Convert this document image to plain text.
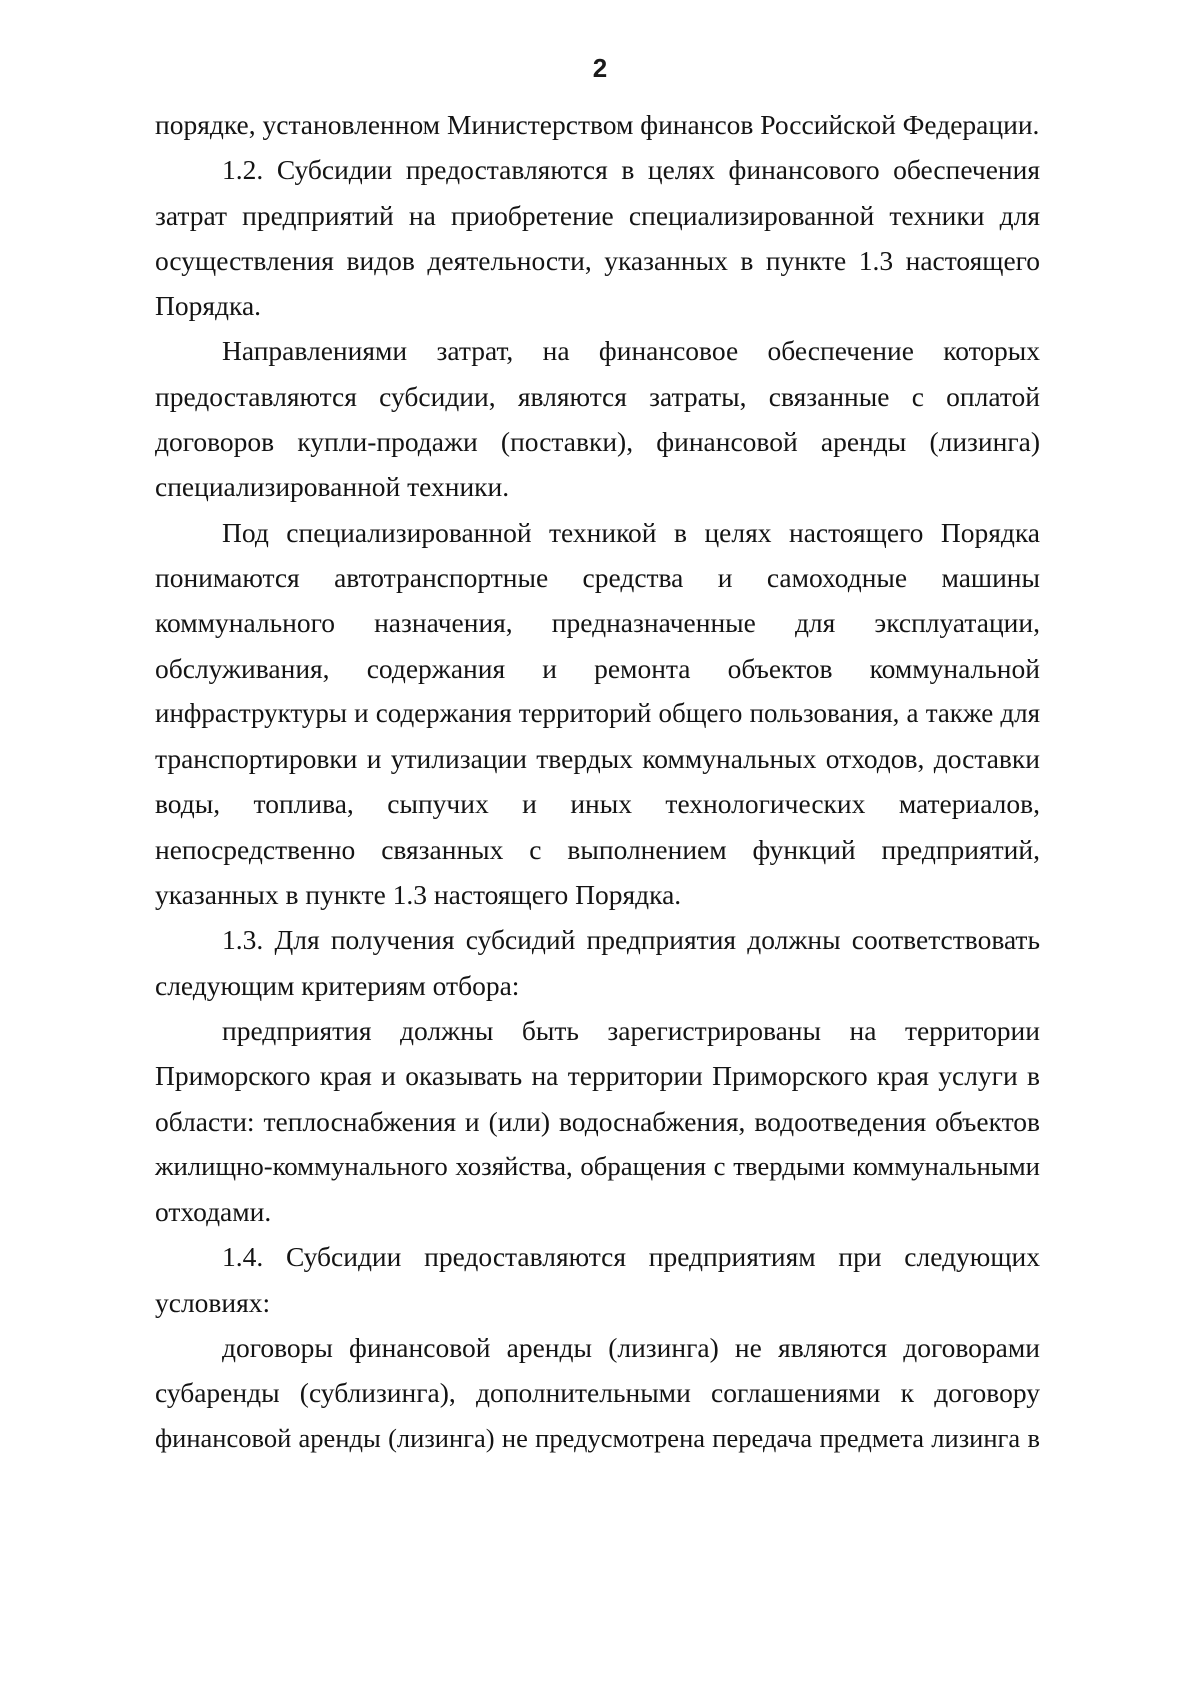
2
порядке, установленном Министерством финансов Российской Федерации.
1.2. Субсидии предоставляются в целях финансового обеспечения
затрат предприятий на приобретение специализированной техники для
осуществления видов деятельности, указанных в пункте 1.3 настоящего
Порядка.
Направлениями затрат, на финансовое обеспечение которых
предоставляются субсидии, являются затраты, связанные с оплатой
договоров купли-продажи (поставки), финансовой аренды (лизинга)
специализированной техники.
Под специализированной техникой в целях настоящего Порядка
понимаются автотранспортные средства и самоходные машины
коммунального назначения, предназначенные для эксплуатации,
обслуживания, содержания и ремонта объектов коммунальной
инфраструктуры и содержания территорий общего пользования, а также для
транспортировки и утилизации твердых коммунальных отходов, доставки
воды, топлива, сыпучих и иных технологических материалов,
непосредственно связанных с выполнением функций предприятий,
указанных в пункте 1.3 настоящего Порядка.
1.3. Для получения субсидий предприятия должны соответствовать
следующим критериям отбора:
предприятия должны быть зарегистрированы на территории
Приморского края и оказывать на территории Приморского края услуги в
области: теплоснабжения и (или) водоснабжения, водоотведения объектов
жилищно-коммунального хозяйства, обращения с твердыми коммунальными
отходами.
1.4. Субсидии предоставляются предприятиям при следующих
условиях:
договоры финансовой аренды (лизинга) не являются договорами
субаренды (сублизинга), дополнительными соглашениями к договору
финансовой аренды (лизинга) не предусмотрена передача предмета лизинга в
